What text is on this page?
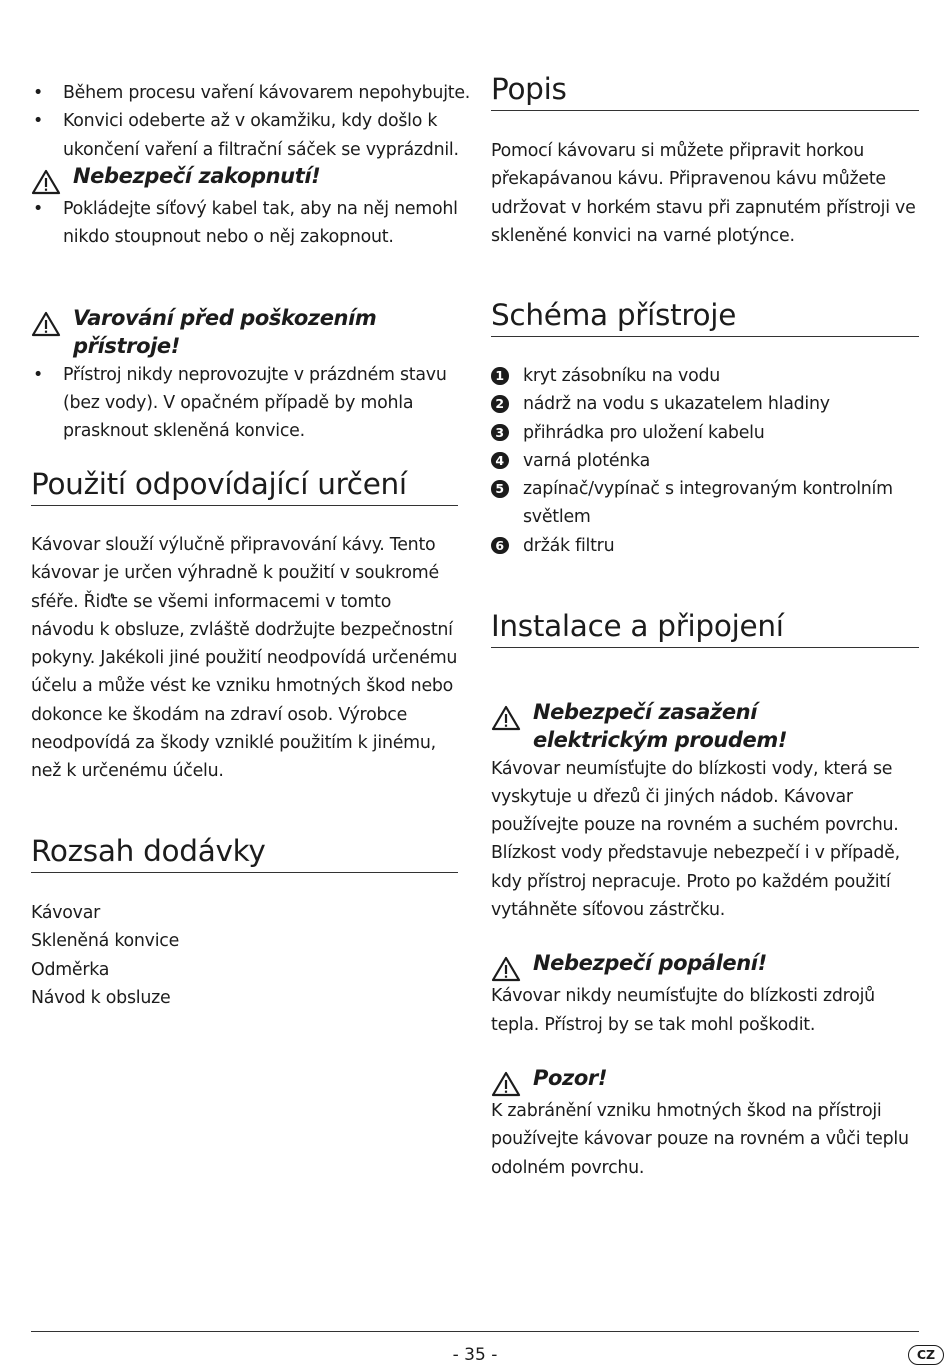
• Během procesu vaření kávovarem nepohybujte.

• Konvici odeberte až v okamžiku, kdy došlo k ukončení vaření a filtrační sáček se vyprázdnil.

Nebezpečí zakopnutí!

• Pokládejte síťový kabel tak, aby na něj nemohl nikdo stoupnout nebo o něj zakopnout.

Varování před poškozením přístroje!

• Přístroj nikdy neprovozujte v prázdném stavu (bez vody). V opačném případě by mohla prasknout skleněná konvice.

Použití odpovídající určení

Kávovar slouží výlučně připravování kávy. Tento kávovar je určen výhradně k použití v soukromé sféře. Řiďte se všemi informacemi v tomto návodu k obsluze, zvláště dodržujte bezpečnostní pokyny. Jakékoli jiné použití neodpovídá určenému účelu a může vést ke vzniku hmotných škod nebo dokonce ke škodám na zdraví osob. Výrobce neodpovídá za škody vzniklé použitím k jinému, než k určenému účelu.

Rozsah dodávky

Kávovar

Skleněná konvice

Odměrka

Návod k obsluze

Popis

Pomocí kávovaru si můžete připravit horkou překapávanou kávu. Připravenou kávu můžete udržovat v horkém stavu při zapnutém přístroji ve skleněné konvici na varné plotýnce.

Schéma přístroje

1 kryt zásobníku na vodu

2 nádrž na vodu s ukazatelem hladiny

3 přihrádka pro uložení kabelu

4 varná ploténka

5 zapínač/vypínač s integrovaným kontrolním světlem

6 držák filtru

Instalace a připojení
Nebezpečí zasažení elektrickým proudem!

Kávovar neumísťujte do blízkosti vody, která se vyskytuje u dřezů či jiných nádob. Kávovar používejte pouze na rovném a suchém povrchu. Blízkost vody představuje nebezpečí i v případě, kdy přístroj nepracuje. Proto po každém použití vytáhněte síťovou zástrčku.

Nebezpečí popálení!

Kávovar nikdy neumísťujte do blízkosti zdrojů tepla. Přístroj by se tak mohl poškodit.

Pozor!

K zabránění vzniku hmotných škod na přístroji používejte kávovar pouze na rovném a vůči teplu odolném povrchu.

- 35 -	CZ
